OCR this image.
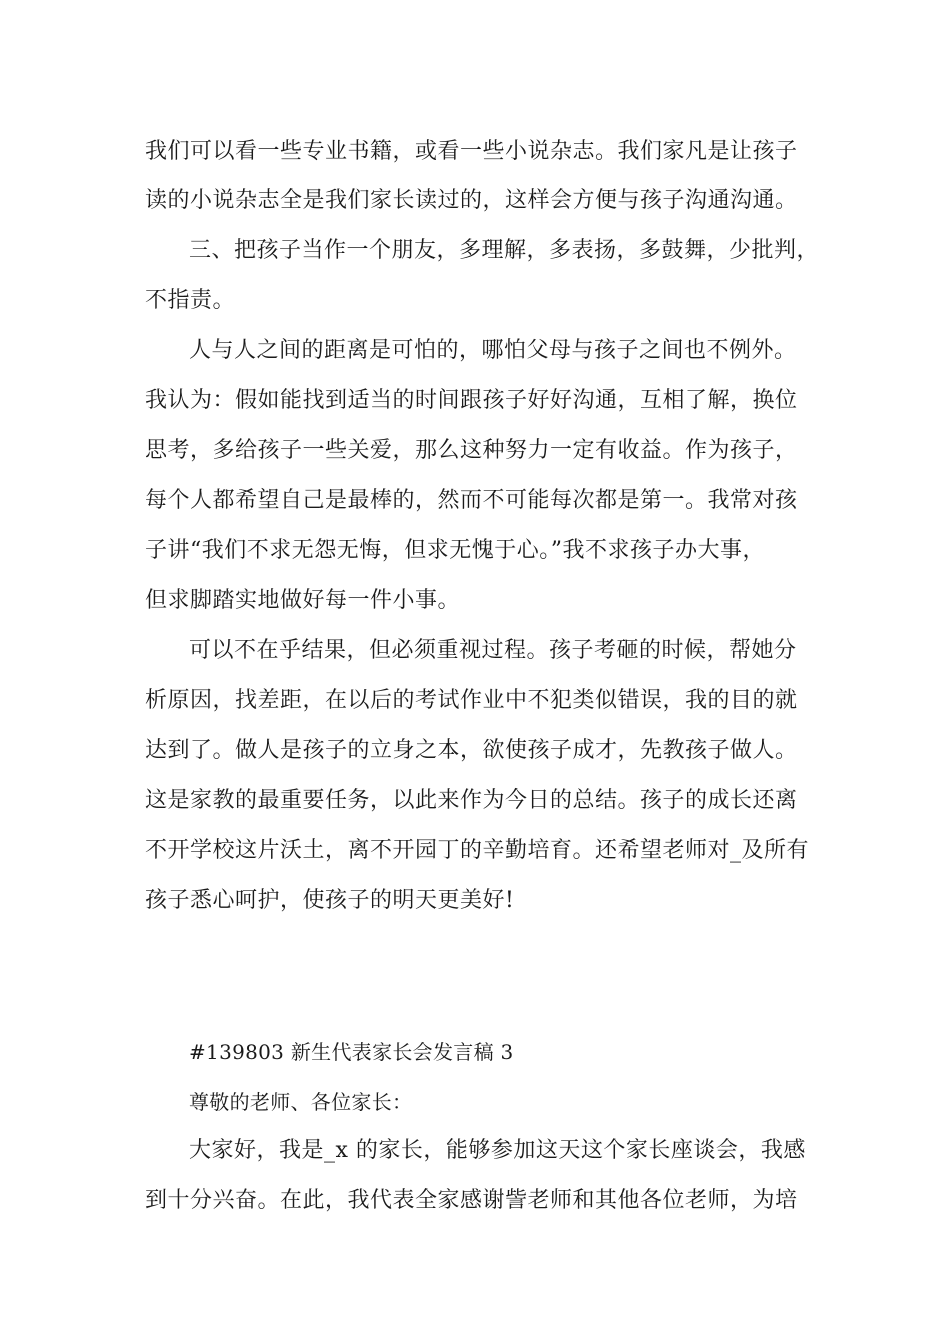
我们可以看一些专业书籍，或看一些小说杂志。我们家凡是让孩子
读的小说杂志全是我们家长读过的，这样会方便与孩子沟通沟通。
三、把孩子当作一个朋友，多理解，多表扬，多鼓舞，少批判，
不指责。
人与人之间的距离是可怕的，哪怕父母与孩子之间也不例外。
我认为：假如能找到适当的时间跟孩子好好沟通，互相了解，换位
思考，多给孩子一些关爱，那么这种努力一定有收益。作为孩子，
每个人都希望自己是最棒的，然而不可能每次都是第一。我常对孩
子讲“我们不求无怨无悔，但求无愧于心。”我不求孩子办大事，
但求脚踏实地做好每一件小事。
可以不在乎结果，但必须重视过程。孩子考砸的时候，帮她分
析原因，找差距，在以后的考试作业中不犯类似错误，我的目的就
达到了。做人是孩子的立身之本，欲使孩子成才，先教孩子做人。
这是家教的最重要任务，以此来作为今日的总结。孩子的成长还离
不开学校这片沃土，离不开园丁的辛勤培育。还希望老师对_及所有
孩子悉心呵护，使孩子的明天更美好!
#139803 新生代表家长会发言稿 3
尊敬的老师、各位家长：
大家好，我是_x 的家长，能够参加这天这个家长座谈会，我感
到十分兴奋。在此，我代表全家感谢訾老师和其他各位老师，为培
